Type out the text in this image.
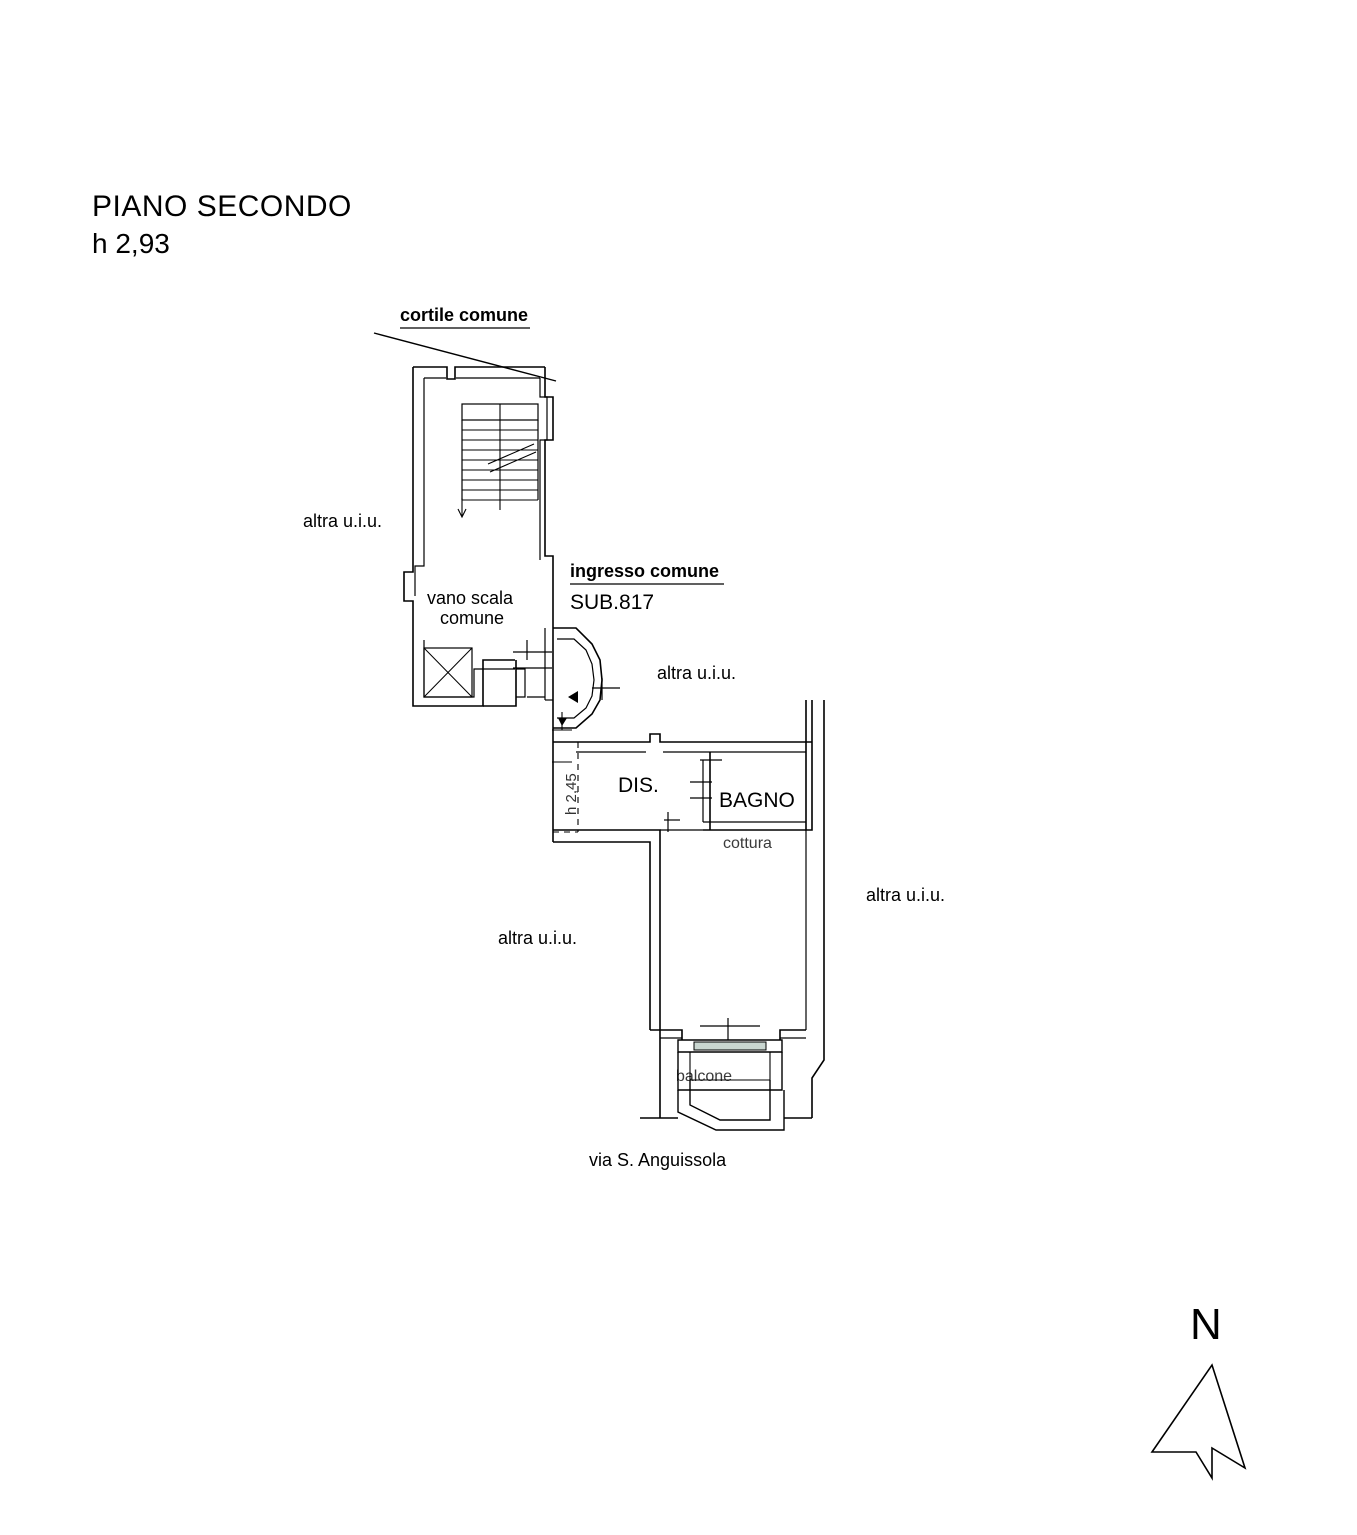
PIANO SECONDO
h 2,93
cortile comune
altra u.i.u.
vano scala
comune
ingresso comune
SUB.817
altra u.i.u.
altra u.i.u.
altra u.i.u.
DIS.
BAGNO
cottura
balcone
via S. Anguissola
h 2,45
N
